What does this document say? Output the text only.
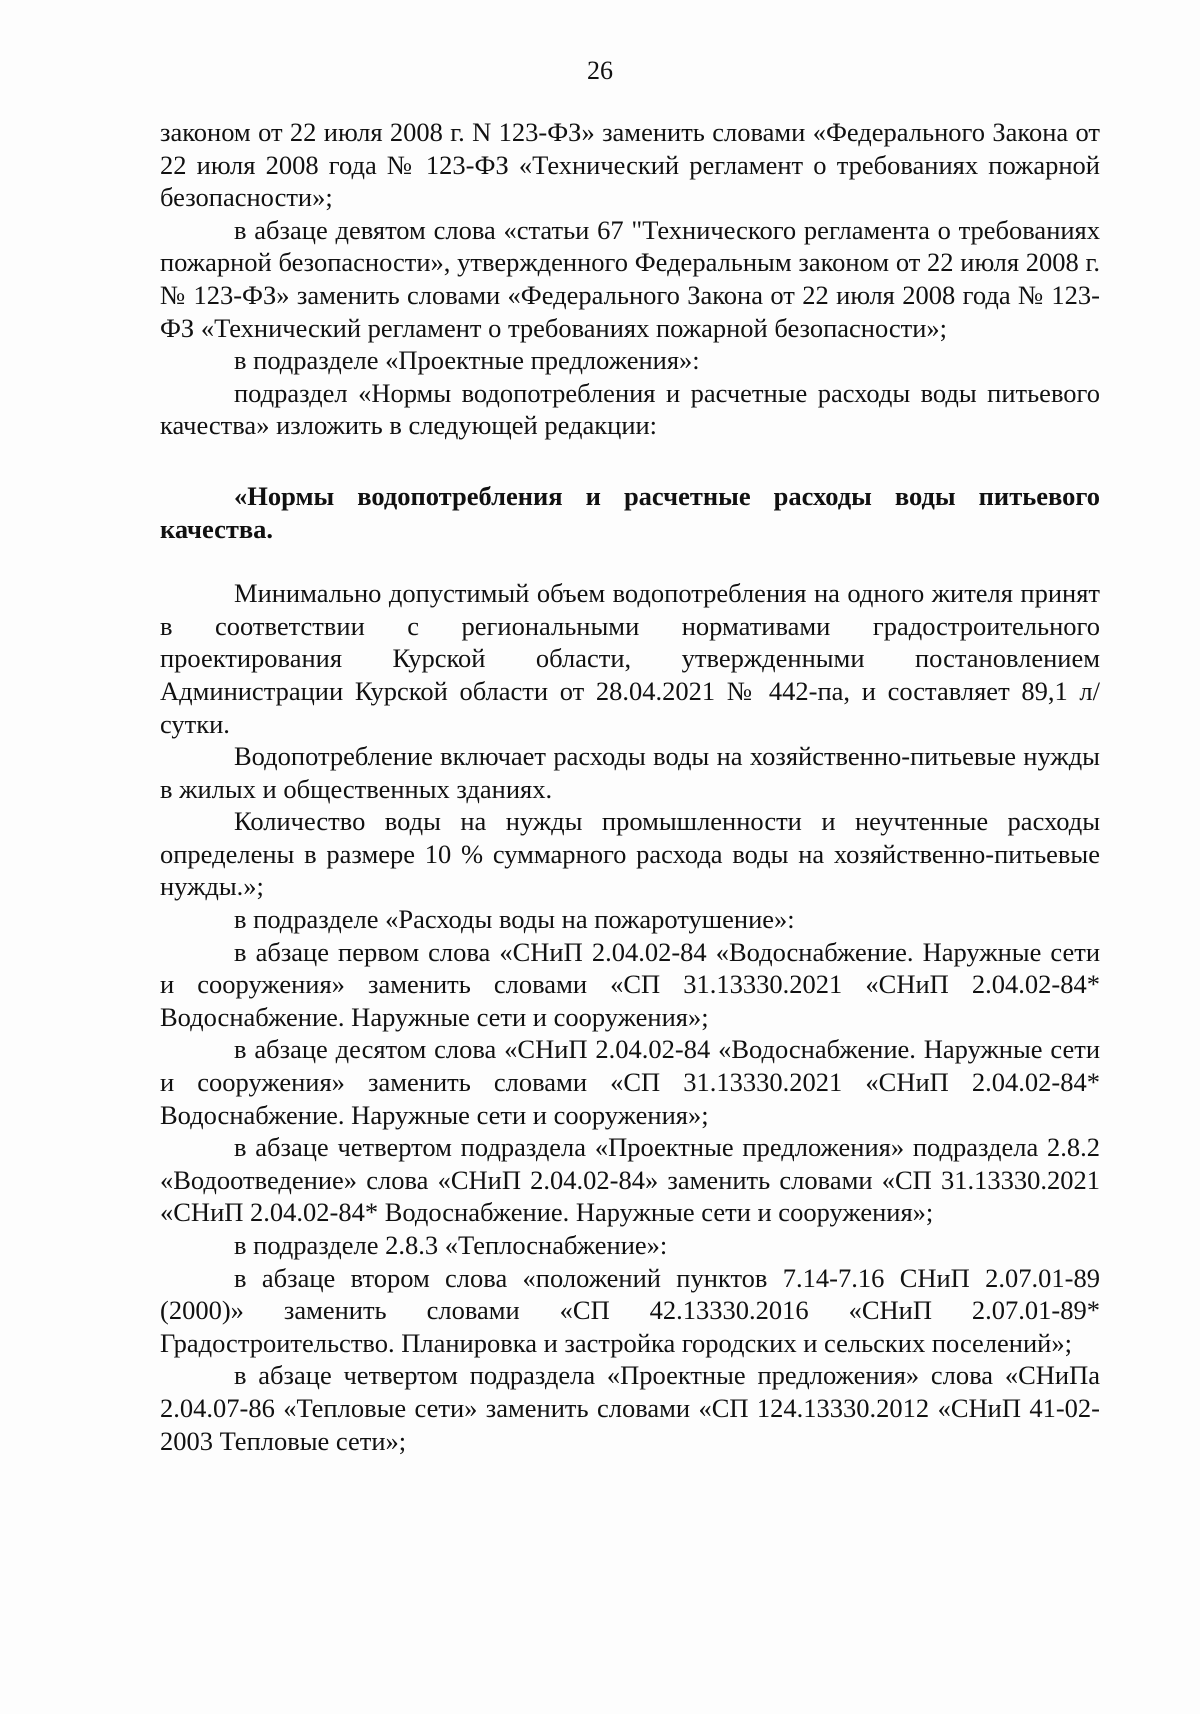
26

законом от 22 июля 2008 г. N 123-ФЗ» заменить словами «Федерального Закона от 22 июля 2008 года № 123-ФЗ «Технический регламент о требованиях пожарной безопасности»;

в абзаце девятом слова «статьи 67 "Технического регламента о требованиях пожарной безопасности», утвержденного Федеральным законом от 22 июля 2008 г. № 123-ФЗ» заменить словами «Федерального Закона от 22 июля 2008 года № 123-ФЗ «Технический регламент о требованиях пожарной безопасности»;

в подразделе «Проектные предложения»:

подраздел «Нормы водопотребления и расчетные расходы воды питьевого качества» изложить в следующей редакции:

«Нормы водопотребления и расчетные расходы воды питьевого качества.

Минимально допустимый объем водопотребления на одного жителя принят в соответствии с региональными нормативами градостроительного проектирования Курской области, утвержденными постановлением Администрации Курской области от 28.04.2021 № 442-па, и составляет 89,1 л/сутки.

Водопотребление включает расходы воды на хозяйственно-питьевые нужды в жилых и общественных зданиях.

Количество воды на нужды промышленности и неучтенные расходы определены в размере 10 % суммарного расхода воды на хозяйственно-питьевые нужды.»;

в подразделе «Расходы воды на пожаротушение»:

в абзаце первом слова «СНиП 2.04.02-84 «Водоснабжение. Наружные сети и сооружения» заменить словами «СП 31.13330.2021 «СНиП 2.04.02-84* Водоснабжение. Наружные сети и сооружения»;

в абзаце десятом слова «СНиП 2.04.02-84 «Водоснабжение. Наружные сети и сооружения» заменить словами «СП 31.13330.2021 «СНиП 2.04.02-84* Водоснабжение. Наружные сети и сооружения»;

в абзаце четвертом подраздела «Проектные предложения» подраздела 2.8.2 «Водоотведение» слова «СНиП 2.04.02-84» заменить словами «СП 31.13330.2021 «СНиП 2.04.02-84* Водоснабжение. Наружные сети и сооружения»;

в подразделе 2.8.3 «Теплоснабжение»:

в абзаце втором слова «положений пунктов 7.14-7.16 СНиП 2.07.01-89 (2000)» заменить словами «СП 42.13330.2016 «СНиП 2.07.01-89* Градостроительство. Планировка и застройка городских и сельских поселений»;

в абзаце четвертом подраздела «Проектные предложения» слова «СНиПа 2.04.07-86 «Тепловые сети» заменить словами «СП 124.13330.2012 «СНиП 41-02-2003 Тепловые сети»;
